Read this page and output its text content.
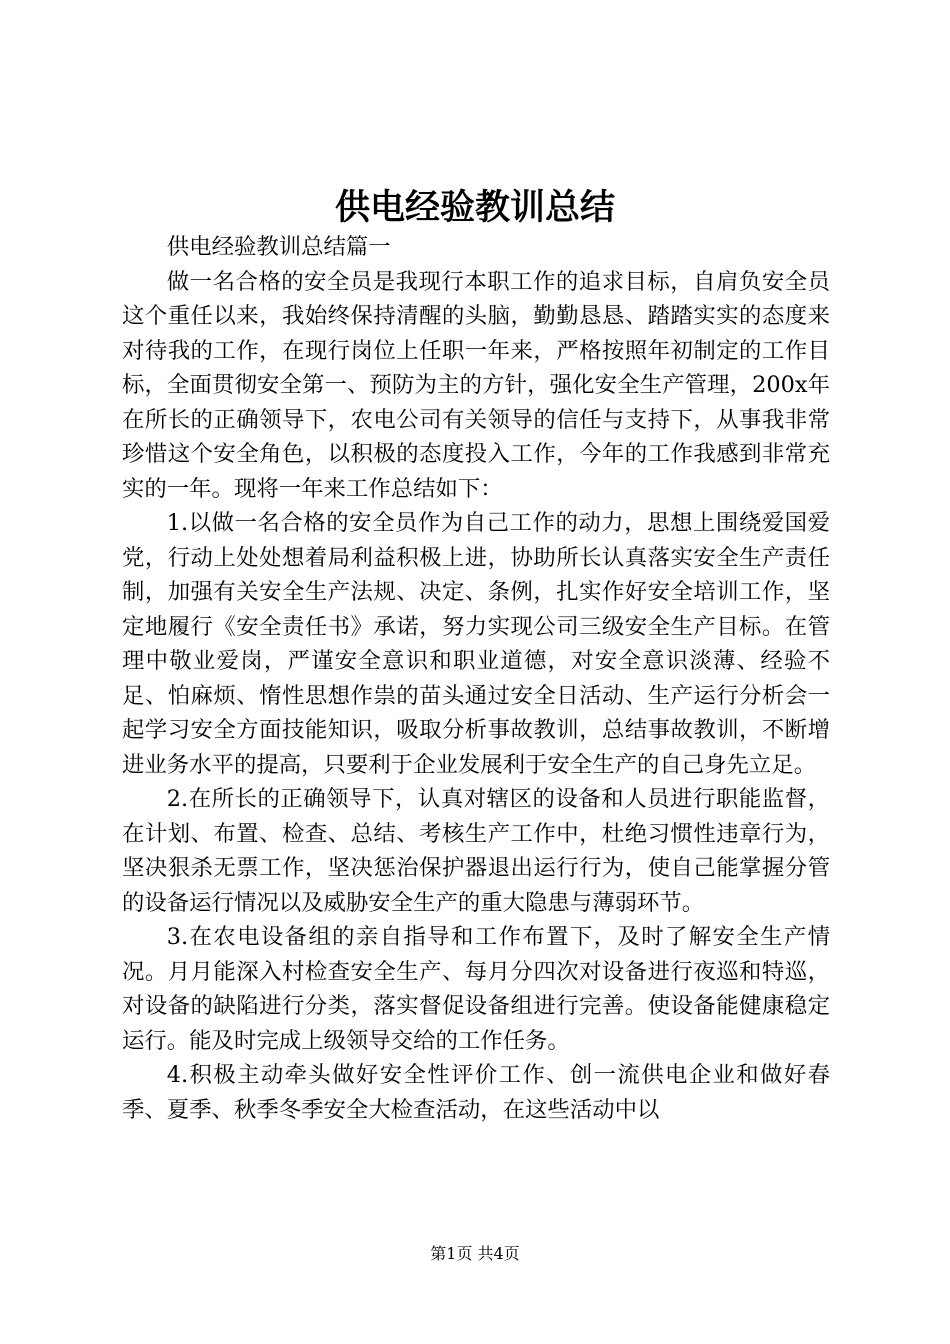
供电经验教训总结

供电经验教训总结篇一

做一名合格的安全员是我现行本职工作的追求目标，自肩负安全员这个重任以来，我始终保持清醒的头脑，勤勤恳恳、踏踏实实的态度来对待我的工作，在现行岗位上任职一年来，严格按照年初制定的工作目标，全面贯彻安全第一、预防为主的方针，强化安全生产管理，200x年在所长的正确领导下，农电公司有关领导的信任与支持下，从事我非常珍惜这个安全角色，以积极的态度投入工作，今年的工作我感到非常充实的一年。现将一年来工作总结如下：

1.以做一名合格的安全员作为自己工作的动力，思想上围绕爱国爱党，行动上处处想着局利益积极上进，协助所长认真落实安全生产责任制，加强有关安全生产法规、决定、条例，扎实作好安全培训工作，坚定地履行《安全责任书》承诺，努力实现公司三级安全生产目标。在管理中敬业爱岗，严谨安全意识和职业道德，对安全意识淡薄、经验不足、怕麻烦、惰性思想作祟的苗头通过安全日活动、生产运行分析会一起学习安全方面技能知识，吸取分析事故教训，总结事故教训，不断增进业务水平的提高，只要利于企业发展利于安全生产的自己身先立足。

2.在所长的正确领导下，认真对辖区的设备和人员进行职能监督，在计划、布置、检查、总结、考核生产工作中，杜绝习惯性违章行为，坚决狠杀无票工作，坚决惩治保护器退出运行行为，使自己能掌握分管的设备运行情况以及威胁安全生产的重大隐患与薄弱环节。

3.在农电设备组的亲自指导和工作布置下，及时了解安全生产情况。月月能深入村检查安全生产、每月分四次对设备进行夜巡和特巡，对设备的缺陷进行分类，落实督促设备组进行完善。使设备能健康稳定运行。能及时完成上级领导交给的工作任务。

4.积极主动牵头做好安全性评价工作、创一流供电企业和做好春季、夏季、秋季冬季安全大检查活动，在这些活动中以

第1页 共4页
